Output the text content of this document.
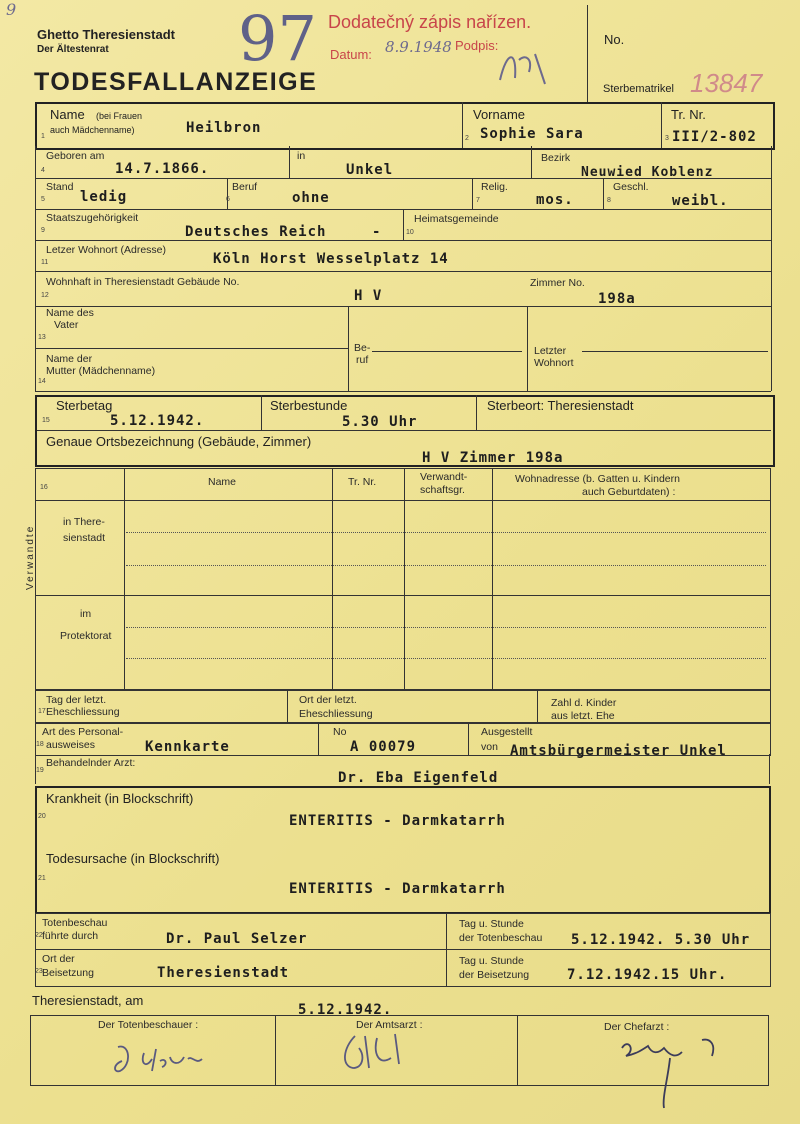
9
Ghetto Theresienstadt
Der Ältestenrat
TODESFALLANZEIGE
97 Dodatečný zápis nařízen.
Datum:
Podpis:
8.9.1948	No.
Sterbematrikel 13847
Name (bei Frauen
auch Mädchenname)
1
Heilbron
Vorname
2 Sophie Sara
Tr. Nr.
3 III/2-802
Geboren am
4	14.7.1866.
in
Unkel
Bezirk
Neuwied Koblenz
Stand
5	ledig
Beruf
6	ohne
Relig.
7	mos.
Geschl.
8	weibl.
Staatszugehörigkeit
9	Deutsches Reich	-
Heimatsgemeinde
10
Letzer Wohnort (Adresse)
11	Köln Horst Wesselplatz 14
Wohnhaft in Theresienstadt Gebäude No.
12	H V
Zimmer No.
198a
Name des
Vater
13
Name der
Mutter (Mädchenname)
14
Be-
ruf
Letzter
Wohnort
Sterbetag
15	5.12.1942.
Sterbestunde
5.30 Uhr
Sterbeort: Theresienstadt
Genaue Ortsbezeichnung (Gebäude, Zimmer)
H V Zimmer 198a
16	Name	Tr. Nr.	Verwandt-
schaftsgr.
Wohnadresse (b. Gatten u. Kindern
auch Geburtdaten) :
Verwandte
in There-
sienstadt
im
Protektorat
Tag der letzt.
17 Eheschliessung
Ort der letzt.
Eheschliessung
Zahl d. Kinder
aus letzt. Ehe
Art des Personal-
18 ausweises	Kennkarte
No
A 00079
Ausgestellt
von Amtsbürgermeister Unkel
Behandelnder Arzt:
19	Dr. Eba Eigenfeld
Krankheit (in Blockschrift)
20	ENTERITIS - Darmkatarrh
Todesursache (in Blockschrift)
21
ENTERITIS - Darmkatarrh
Totenbeschau
22 führte durch	Dr. Paul Selzer
Tag u. Stunde
der Totenbeschau 5.12.1942. 5.30 Uhr
Ort der
23 Beisetzung	Theresienstadt
Tag u. Stunde
der Beisetzung	7.12.1942.15 Uhr.
Theresienstadt, am
5.12.1942.
Der Totenbeschauer :	Der Amtsarzt :	Der Chefarzt :
